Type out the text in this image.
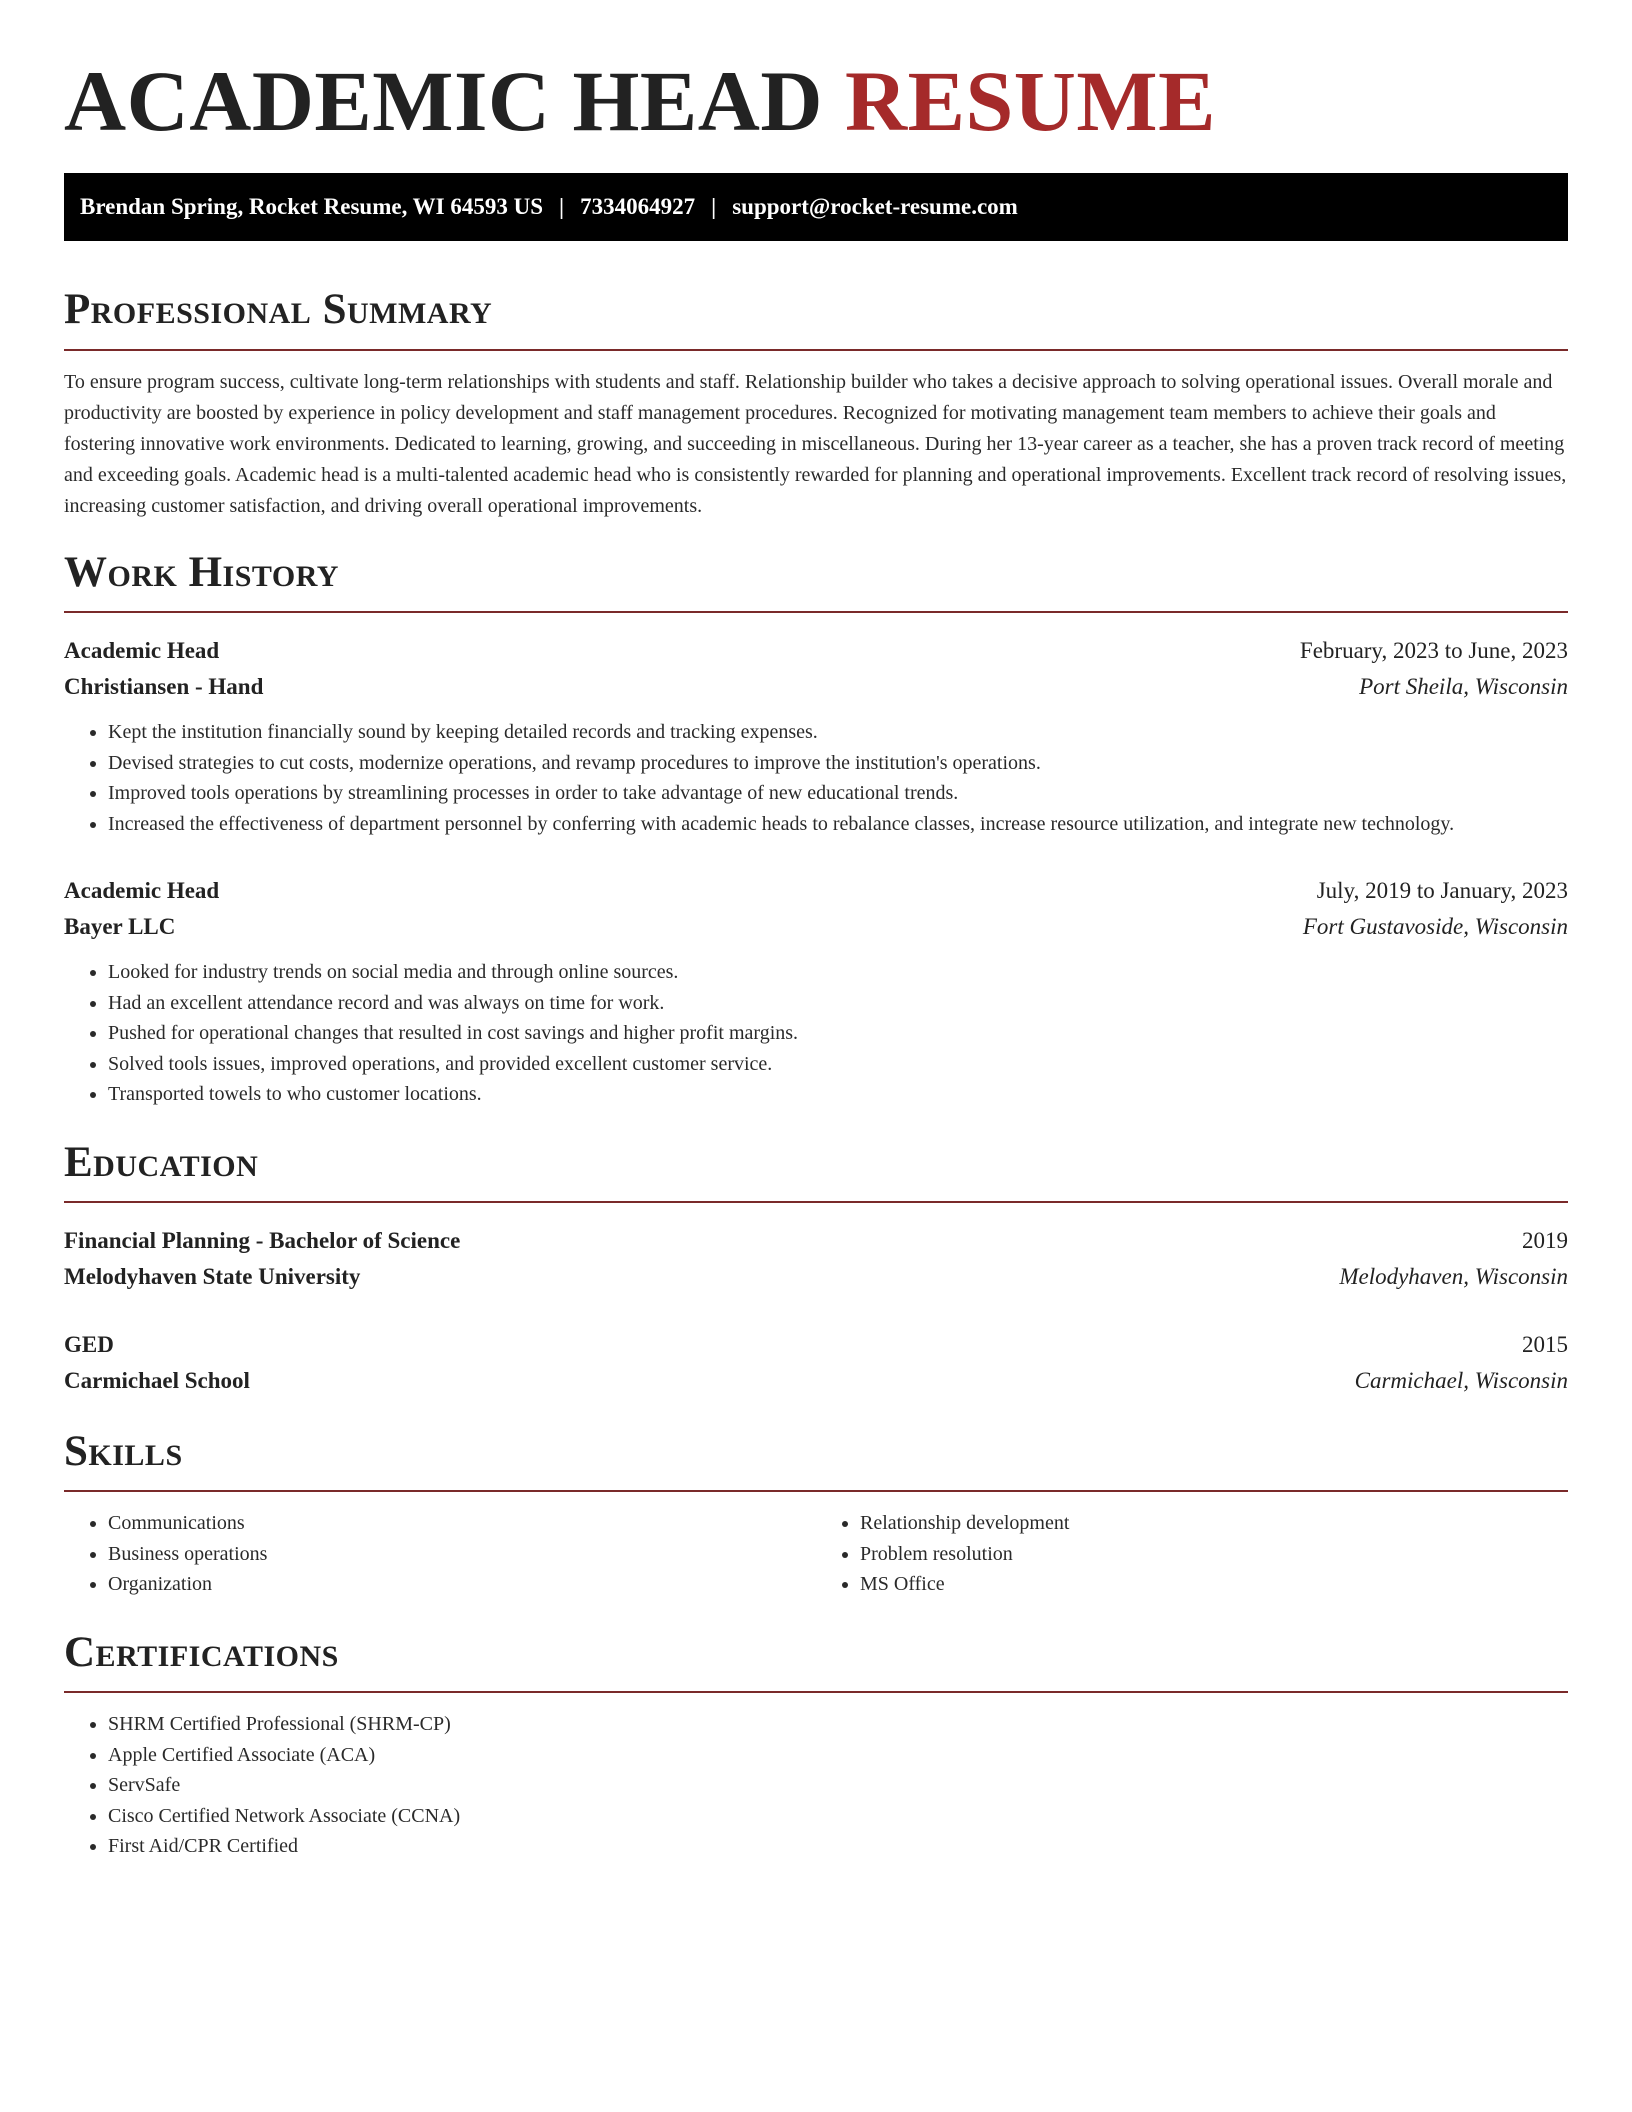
ACADEMIC HEAD RESUME
Brendan Spring, Rocket Resume, WI 64593 US | 7334064927 | support@rocket-resume.com
Professional Summary

To ensure program success, cultivate long-term relationships with students and staff. Relationship builder who takes a decisive approach to solving operational issues. Overall morale and productivity are boosted by experience in policy development and staff management procedures. Recognized for motivating management team members to achieve their goals and fostering innovative work environments. Dedicated to learning, growing, and succeeding in miscellaneous. During her 13-year career as a teacher, she has a proven track record of meeting and exceeding goals. Academic head is a multi-talented academic head who is consistently rewarded for planning and operational improvements. Excellent track record of resolving issues, increasing customer satisfaction, and driving overall operational improvements.

Work History
Academic Head	February, 2023 to June, 2023
Christiansen - Hand	Port Sheila, Wisconsin
• Kept the institution financially sound by keeping detailed records and tracking expenses.
• Devised strategies to cut costs, modernize operations, and revamp procedures to improve the institution's operations.
• Improved tools operations by streamlining processes in order to take advantage of new educational trends.
• Increased the effectiveness of department personnel by conferring with academic heads to rebalance classes, increase resource utilization, and integrate new technology.
Academic Head	July, 2019 to January, 2023
Bayer LLC	Fort Gustavoside, Wisconsin
• Looked for industry trends on social media and through online sources.
• Had an excellent attendance record and was always on time for work.
• Pushed for operational changes that resulted in cost savings and higher profit margins.
• Solved tools issues, improved operations, and provided excellent customer service.
• Transported towels to who customer locations.
Education
Financial Planning - Bachelor of Science	2019
Melodyhaven State University	Melodyhaven, Wisconsin
GED	2015
Carmichael School	Carmichael, Wisconsin
Skills
• Communications
• Business operations
• Organization
• Relationship development
• Problem resolution
• MS Office
Certifications
• SHRM Certified Professional (SHRM-CP)
• Apple Certified Associate (ACA)
• ServSafe
• Cisco Certified Network Associate (CCNA)
• First Aid/CPR Certified
